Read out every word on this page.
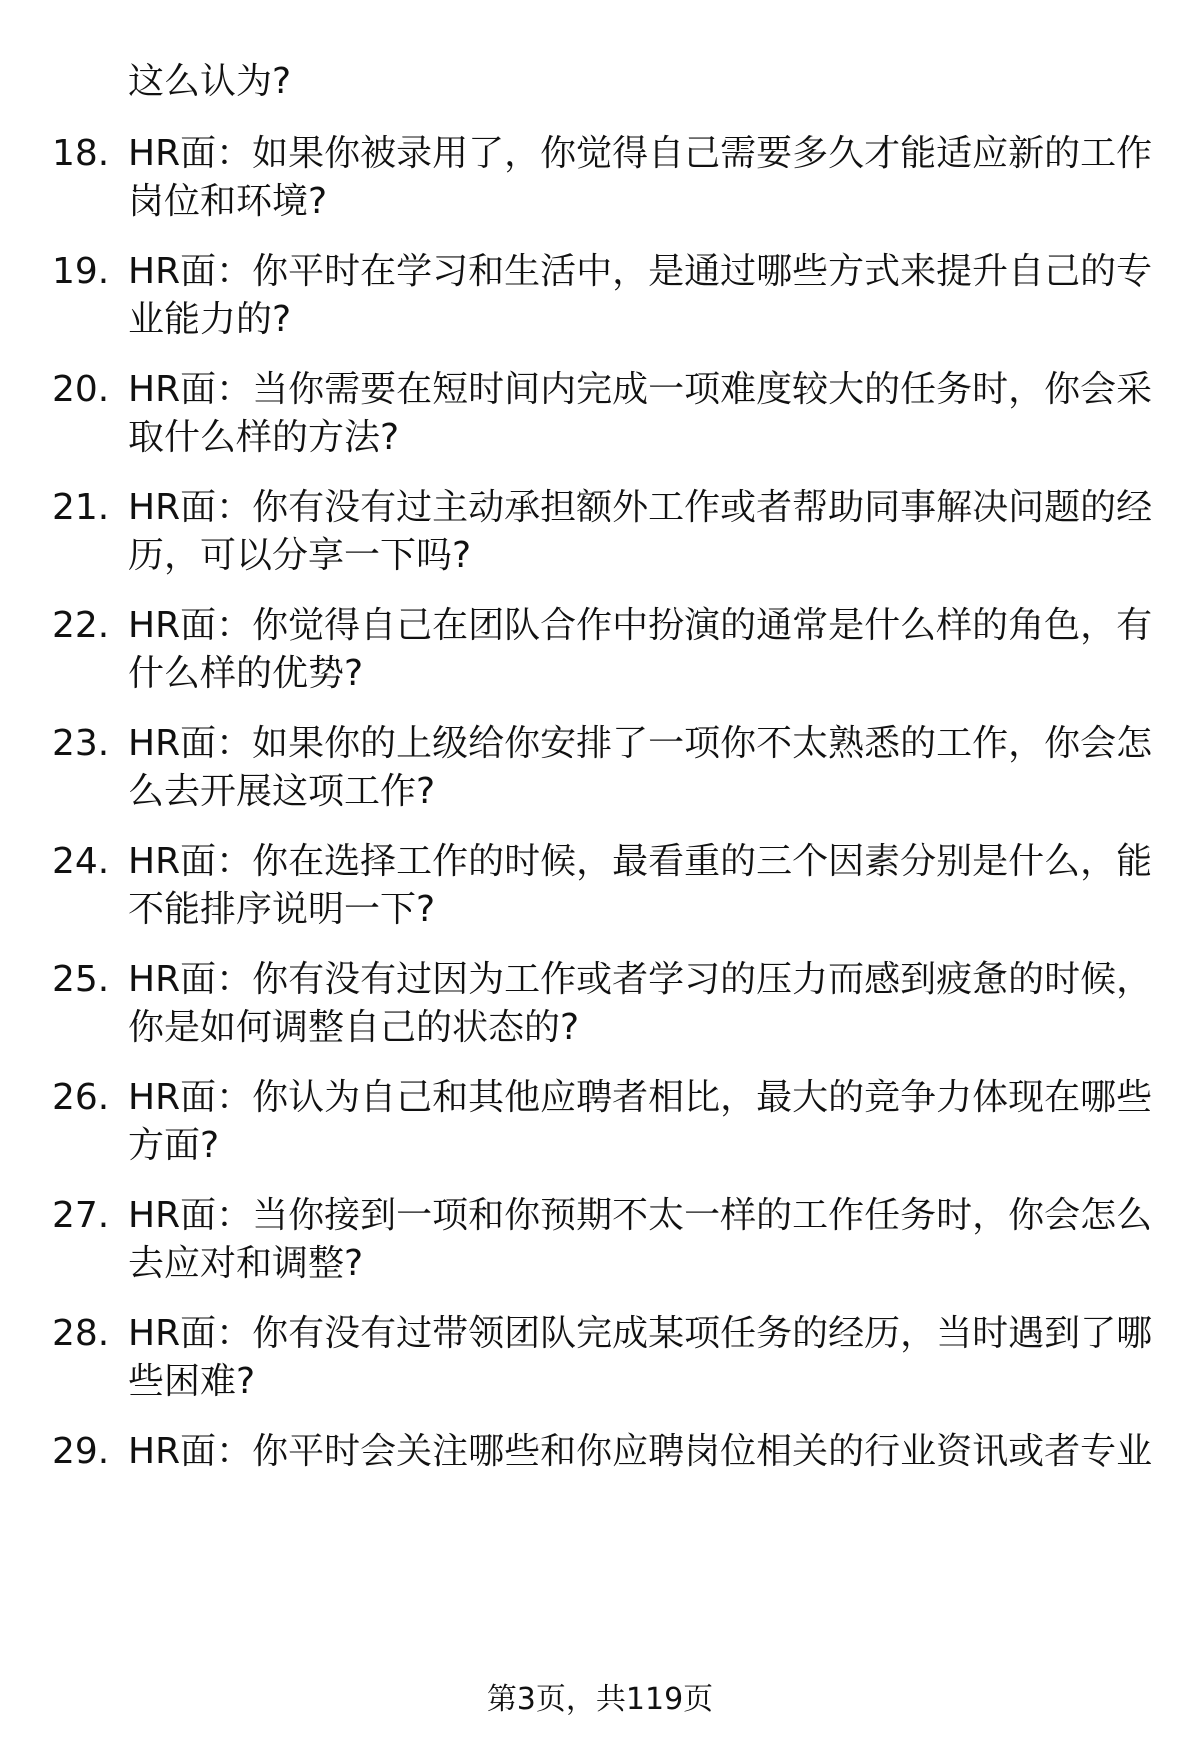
这么认为?
18. HR面：如果你被录用了，你觉得自己需要多久才能适应新的工作
岗位和环境?
19. HR面：你平时在学习和生活中，是通过哪些方式来提升自己的专
业能力的?
20. HR面：当你需要在短时间内完成一项难度较大的任务时，你会采
取什么样的方法?
21. HR面：你有没有过主动承担额外工作或者帮助同事解决问题的经
历，可以分享一下吗?
22. HR面：你觉得自己在团队合作中扮演的通常是什么样的角色，有
什么样的优势?
23. HR面：如果你的上级给你安排了一项你不太熟悉的工作，你会怎
么去开展这项工作?
24. HR面：你在选择工作的时候，最看重的三个因素分别是什么，能
不能排序说明一下?
25. HR面：你有没有过因为工作或者学习的压力而感到疲惫的时候，
你是如何调整自己的状态的?
26. HR面：你认为自己和其他应聘者相比，最大的竞争力体现在哪些
方面?
27. HR面：当你接到一项和你预期不太一样的工作任务时，你会怎么
去应对和调整?
28. HR面：你有没有过带领团队完成某项任务的经历，当时遇到了哪
些困难?
29. HR面：你平时会关注哪些和你应聘岗位相关的行业资讯或者专业
第3页，共119页
